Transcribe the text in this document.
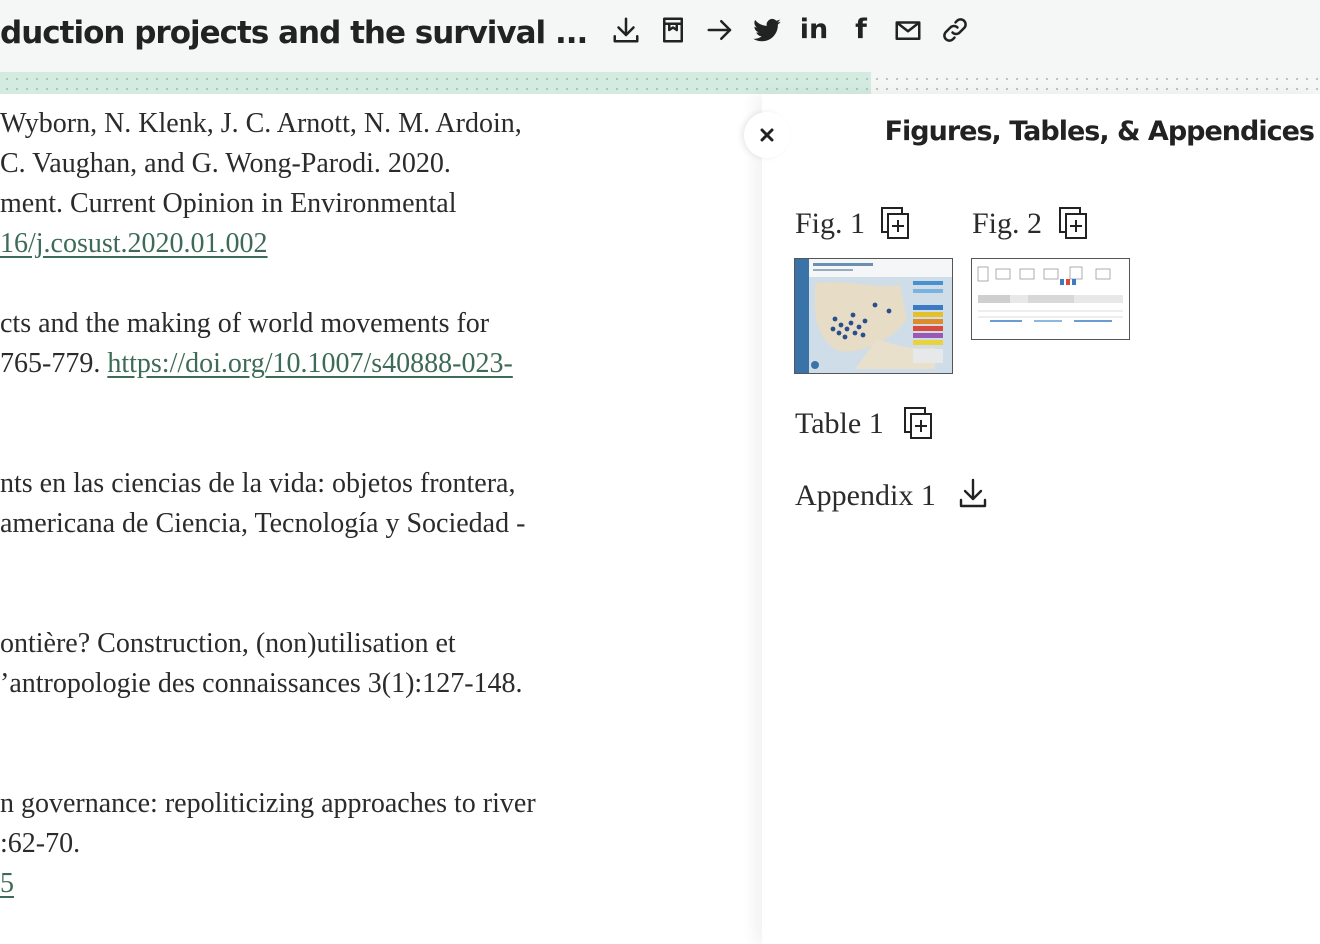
duction projects and the survival ...	in f
Wyborn, N. Klenk, J. C. Arnott, N. M. Ardoin,
C. Vaughan, and G. Wong-Parodi. 2020.
ment. Current Opinion in Environmental
16/j.cosust.2020.01.002
cts and the making of world movements for
765-779. https://doi.org/10.1007/s40888-023-
nts en las ciencias de la vida: objetos frontera,
americana de Ciencia, Tecnología y Sociedad -
ontière? Construction, (non)utilisation et
’antropologie des connaissances 3(1):127-148.
n governance: repoliticizing approaches to river
:62-70.
5
Figures, Tables, & Appendices
Fig. 1	Fig. 2
Table 1
Appendix 1
